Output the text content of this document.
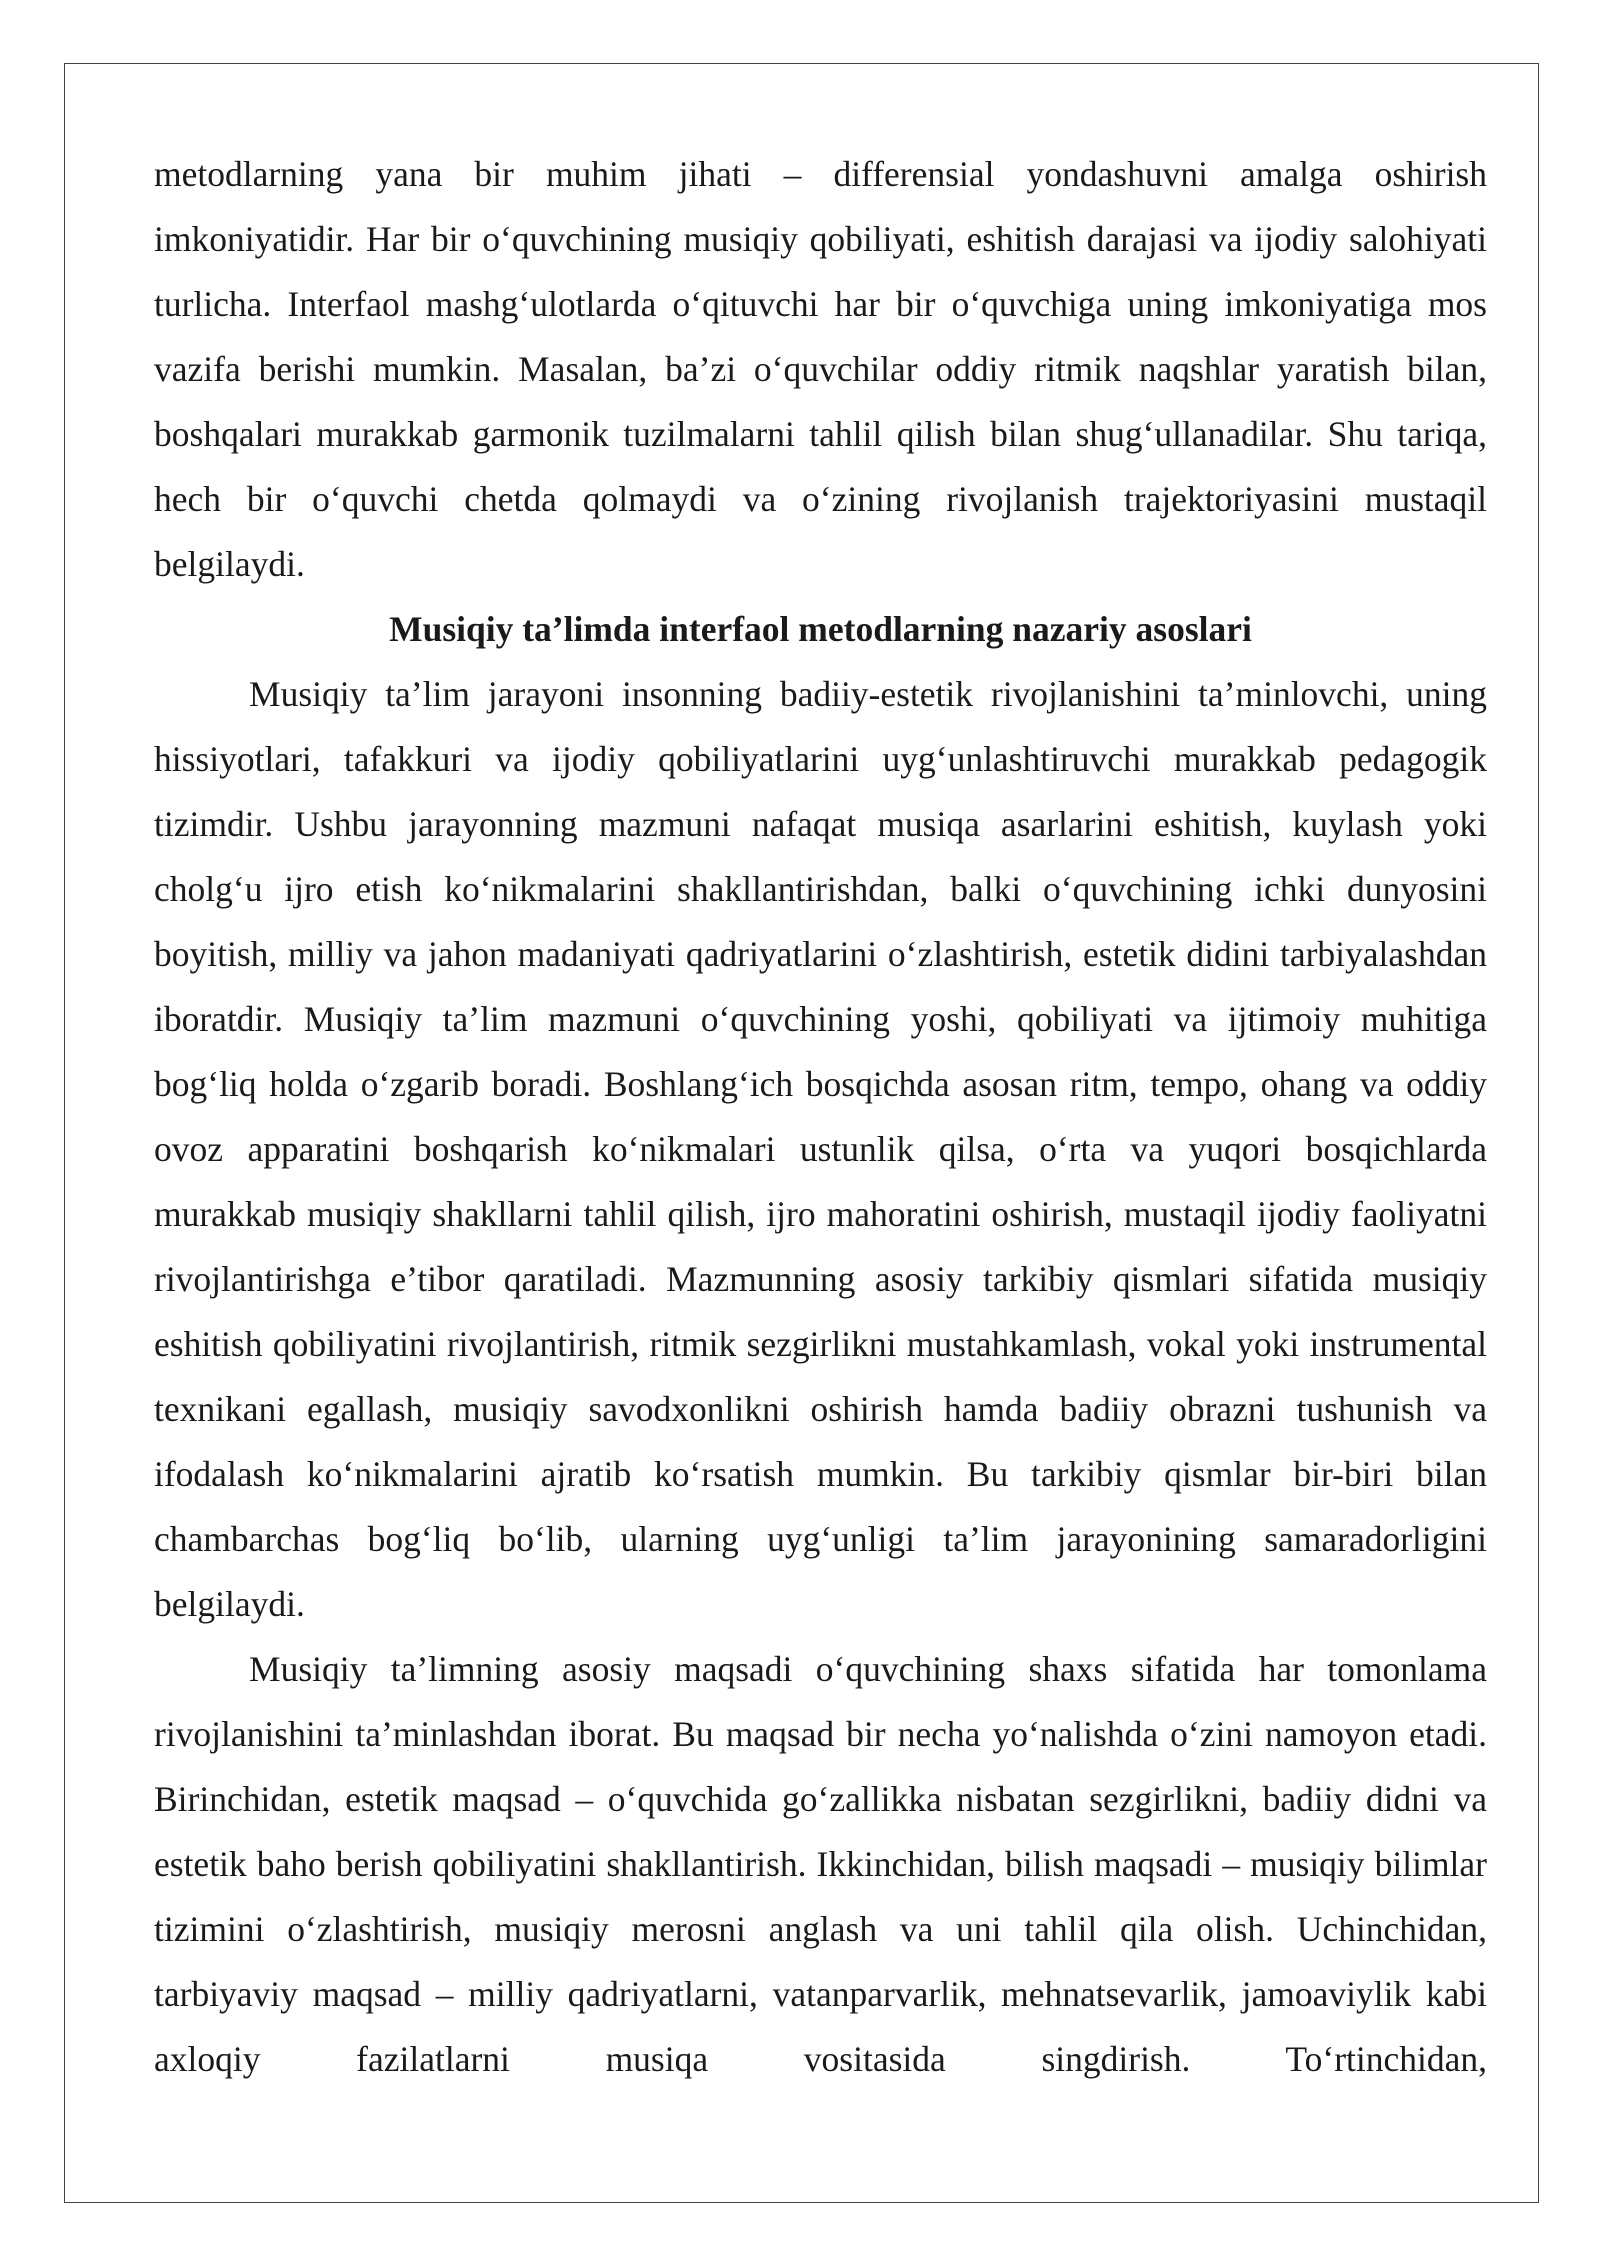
metodlarning yana bir muhim jihati – differensial yondashuvni amalga oshirish imkoniyatidir. Har bir o‘quvchining musiqiy qobiliyati, eshitish darajasi va ijodiy salohiyati turlicha. Interfaol mashg‘ulotlarda o‘qituvchi har bir o‘quvchiga uning imkoniyatiga mos vazifa berishi mumkin. Masalan, ba’zi o‘quvchilar oddiy ritmik naqshlar yaratish bilan, boshqalari murakkab garmonik tuzilmalarni tahlil qilish bilan shug‘ullanadilar. Shu tariqa, hech bir o‘quvchi chetda qolmaydi va o‘zining rivojlanish trajektoriyasini mustaqil belgilaydi.

Musiqiy ta’limda interfaol metodlarning nazariy asoslari

Musiqiy ta’lim jarayoni insonning badiiy-estetik rivojlanishini ta’minlovchi, uning hissiyotlari, tafakkuri va ijodiy qobiliyatlarini uyg‘unlashtiruvchi murakkab pedagogik tizimdir. Ushbu jarayonning mazmuni nafaqat musiqa asarlarini eshitish, kuylash yoki cholg‘u ijro etish ko‘nikmalarini shakllantirishdan, balki o‘quvchining ichki dunyosini boyitish, milliy va jahon madaniyati qadriyatlarini o‘zlashtirish, estetik didini tarbiyalashdan iboratdir. Musiqiy ta’lim mazmuni o‘quvchining yoshi, qobiliyati va ijtimoiy muhitiga bog‘liq holda o‘zgarib boradi. Boshlang‘ich bosqichda asosan ritm, tempo, ohang va oddiy ovoz apparatini boshqarish ko‘nikmalari ustunlik qilsa, o‘rta va yuqori bosqichlarda murakkab musiqiy shakllarni tahlil qilish, ijro mahoratini oshirish, mustaqil ijodiy faoliyatni rivojlantirishga e’tibor qaratiladi. Mazmunning asosiy tarkibiy qismlari sifatida musiqiy eshitish qobiliyatini rivojlantirish, ritmik sezgirlikni mustahkamlash, vokal yoki instrumental texnikani egallash, musiqiy savodxonlikni oshirish hamda badiiy obrazni tushunish va ifodalash ko‘nikmalarini ajratib ko‘rsatish mumkin. Bu tarkibiy qismlar bir-biri bilan chambarchas bog‘liq bo‘lib, ularning uyg‘unligi ta’lim jarayonining samaradorligini belgilaydi.

Musiqiy ta’limning asosiy maqsadi o‘quvchining shaxs sifatida har tomonlama rivojlanishini ta’minlashdan iborat. Bu maqsad bir necha yo‘nalishda o‘zini namoyon etadi. Birinchidan, estetik maqsad – o‘quvchida go‘zallikka nisbatan sezgirlikni, badiiy didni va estetik baho berish qobiliyatini shakllantirish. Ikkinchidan, bilish maqsadi – musiqiy bilimlar tizimini o‘zlashtirish, musiqiy merosni anglash va uni tahlil qila olish. Uchinchidan, tarbiyaviy maqsad – milliy qadriyatlarni, vatanparvarlik, mehnatsevarlik, jamoaviylik kabi axloqiy fazilatlarni musiqa vositasida singdirish. To‘rtinchidan,
